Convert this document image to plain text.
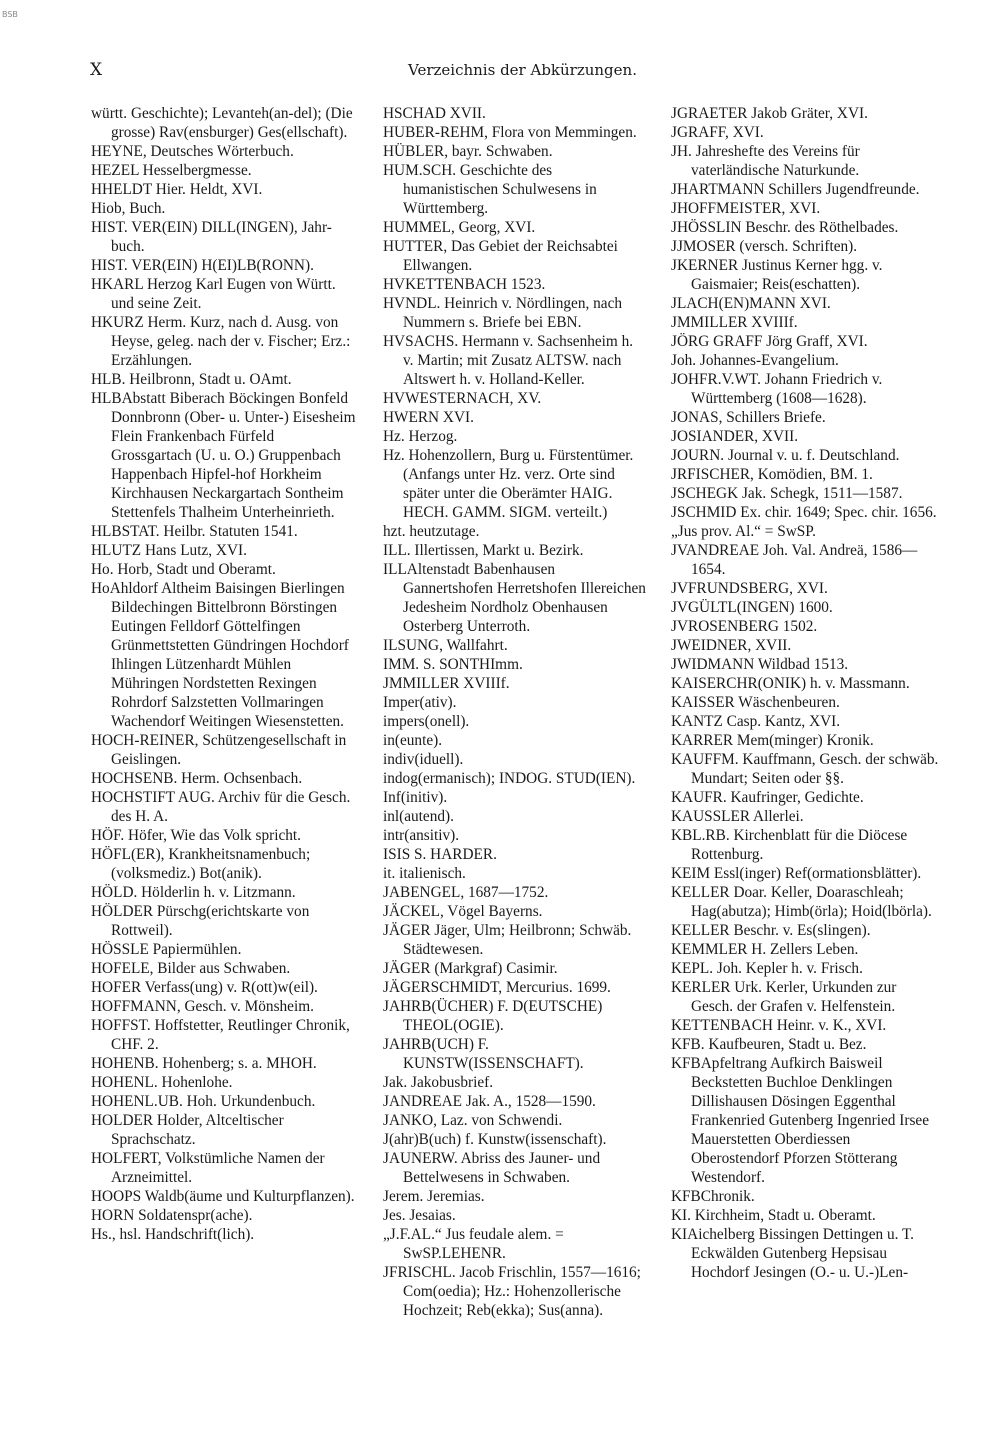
BSB
X	Verzeichnis der Abkürzungen.

württ. Geschichte); Levanteh(an-del); (Die grosse) Rav(ensburger) Ges(ellschaft).

HEYNE, Deutsches Wörterbuch.

HEZEL Hesselbergmesse.

HHELDT Hier. Heldt, XVI.

Hiob, Buch.

HIST. VER(EIN) DILL(INGEN), Jahr-buch.

HIST. VER(EIN) H(EI)LB(RONN).

HKARL Herzog Karl Eugen von Württ. und seine Zeit.

HKURZ Herm. Kurz, nach d. Ausg. von Heyse, geleg. nach der v. Fischer; Erz.: Erzählungen.

HLB. Heilbronn, Stadt u. OAmt.

HLBAbstatt Biberach Böckingen Bonfeld Donnbronn (Ober- u. Unter-) Eisesheim Flein Frankenbach Fürfeld Grossgartach (U. u. O.) Gruppenbach Happenbach Hipfel-hof Horkheim Kirchhausen Neckargartach Sontheim Stettenfels Thalheim Unterheinrieth.

HLBSTAT. Heilbr. Statuten 1541.

HLUTZ Hans Lutz, XVI.

Ho. Horb, Stadt und Oberamt.

HoAhldorf Altheim Baisingen Bierlingen Bildechingen Bittelbronn Börstingen Eutingen Felldorf Göttelfingen Grünmettstetten Gündringen Hochdorf Ihlingen Lützenhardt Mühlen Mühringen Nordstetten Rexingen Rohrdorf Salzstetten Vollmaringen Wachendorf Weitingen Wiesenstetten.

HOCH-REINER, Schützengesellschaft in Geislingen.

HOCHSENB. Herm. Ochsenbach.

HOCHSTIFT AUG. Archiv für die Gesch. des H. A.

HÖF. Höfer, Wie das Volk spricht.

HÖFL(ER), Krankheitsnamenbuch; (volksmediz.) Bot(anik).

HÖLD. Hölderlin h. v. Litzmann.

HÖLDER Pürschg(erichtskarte von Rottweil).

HÖSSLE Papiermühlen.

HOFELE, Bilder aus Schwaben.

HOFER Verfass(ung) v. R(ott)w(eil).

HOFFMANN, Gesch. v. Mönsheim.

HOFFST. Hoffstetter, Reutlinger Chronik, CHF. 2.

HOHENB. Hohenberg; s. a. MHOH.

HOHENL. Hohenlohe.

HOHENL.UB. Hoh. Urkundenbuch.

HOLDER Holder, Altceltischer Sprachschatz.

HOLFERT, Volkstümliche Namen der Arzneimittel.

HOOPS Waldb(äume und Kulturpflanzen).

HORN Soldatenspr(ache).

Hs., hsl. Handschrift(lich).

HSCHAD XVII.

HUBER-REHM, Flora von Memmingen.

HÜBLER, bayr. Schwaben.

HUM.SCH. Geschichte des humanistischen Schulwesens in Württemberg.

HUMMEL, Georg, XVI.

HUTTER, Das Gebiet der Reichsabtei Ellwangen.

HVKETTENBACH 1523.

HVNDL. Heinrich v. Nördlingen, nach Nummern s. Briefe bei EBN.

HVSACHS. Hermann v. Sachsenheim h. v. Martin; mit Zusatz ALTSW. nach Altswert h. v. Holland-Keller.

HVWESTERNACH, XV.

HWERN XVI.

Hz. Herzog.

Hz. Hohenzollern, Burg u. Fürstentümer. (Anfangs unter Hz. verz. Orte sind später unter die Oberämter HAIG. HECH. GAMM. SIGM. verteilt.)

hzt. heutzutage.

ILL. Illertissen, Markt u. Bezirk.

ILLAltenstadt Babenhausen Gannertshofen Herretshofen Illereichen Jedesheim Nordholz Obenhausen Osterberg Unterroth.

ILSUNG, Wallfahrt.

IMM. S. SONTHImm.

JMMILLER XVIIIf.

Imper(ativ).

impers(onell).

in(eunte).

indiv(iduell).

indog(ermanisch); INDOG. STUD(IEN).

Inf(initiv).

inl(autend).

intr(ansitiv).

ISIS S. HARDER.

it. italienisch.

JABENGEL, 1687—1752.

JÄCKEL, Vögel Bayerns.

JÄGER Jäger, Ulm; Heilbronn; Schwäb. Städtewesen.

JÄGER (Markgraf) Casimir.

JÄGERSCHMIDT, Mercurius. 1699.

JAHRB(ÜCHER) F. D(EUTSCHE) THEOL(OGIE).

JAHRB(UCH) F. KUNSTW(ISSENSCHAFT).

Jak. Jakobusbrief.

JANDREAE Jak. A., 1528—1590.

JANKO, Laz. von Schwendi.

J(ahr)B(uch) f. Kunstw(issenschaft).

JAUNERW. Abriss des Jauner- und Bettelwesens in Schwaben.

Jerem. Jeremias.

Jes. Jesaias.

„J.F.AL.“ Jus feudale alem. = SwSP.LEHENR.

JFRISCHL. Jacob Frischlin, 1557—1616; Com(oedia); Hz.: Hohenzollerische Hochzeit; Reb(ekka); Sus(anna).

JGRAETER Jakob Gräter, XVI.

JGRAFF, XVI.

JH. Jahreshefte des Vereins für vaterländische Naturkunde.

JHARTMANN Schillers Jugendfreunde.

JHOFFMEISTER, XVI.

JHÖSSLIN Beschr. des Röthelbades.

JJMOSER (versch. Schriften).

JKERNER Justinus Kerner hgg. v. Gaismaier; Reis(eschatten).

JLACH(EN)MANN XVI.

JMMILLER XVIIIf.

JÖRG GRAFF Jörg Graff, XVI.

Joh. Johannes-Evangelium.

JOHFR.V.WT. Johann Friedrich v. Württemberg (1608—1628).

JONAS, Schillers Briefe.

JOSIANDER, XVII.

JOURN. Journal v. u. f. Deutschland.

JRFISCHER, Komödien, BM. 1.

JSCHEGK Jak. Schegk, 1511—1587.

JSCHMID Ex. chir. 1649; Spec. chir. 1656.

„Jus prov. Al.“ = SwSP.

JVANDREAE Joh. Val. Andreä, 1586—1654.

JVFRUNDSBERG, XVI.

JVGÜLTL(INGEN) 1600.

JVROSENBERG 1502.

JWEIDNER, XVII.

JWIDMANN Wildbad 1513.

KAISERCHR(ONIK) h. v. Massmann.

KAISSER Wäschenbeuren.

KANTZ Casp. Kantz, XVI.

KARRER Mem(minger) Kronik.

KAUFFM. Kauffmann, Gesch. der schwäb. Mundart; Seiten oder §§.

KAUFR. Kaufringer, Gedichte.

KAUSSLER Allerlei.

KBL.RB. Kirchenblatt für die Diöcese Rottenburg.

KEIM Essl(inger) Ref(ormationsblätter).

KELLER Doar. Keller, Doaraschleah; Hag(abutza); Himb(örla); Hoid(lbörla).

KELLER Beschr. v. Es(slingen).

KEMMLER H. Zellers Leben.

KEPL. Joh. Kepler h. v. Frisch.

KERLER Urk. Kerler, Urkunden zur Gesch. der Grafen v. Helfenstein.

KETTENBACH Heinr. v. K., XVI.

KFB. Kaufbeuren, Stadt u. Bez.

KFBApfeltrang Aufkirch Baisweil Beckstetten Buchloe Denklingen Dillishausen Dösingen Eggenthal Frankenried Gutenberg Ingenried Irsee Mauerstetten Oberdiessen Oberostendorf Pforzen Stötterang Westendorf.

KFBChronik.

KI. Kirchheim, Stadt u. Oberamt.

KIAichelberg Bissingen Dettingen u. T. Eckwälden Gutenberg Hepsisau Hochdorf Jesingen (O.- u. U.-)Len-
